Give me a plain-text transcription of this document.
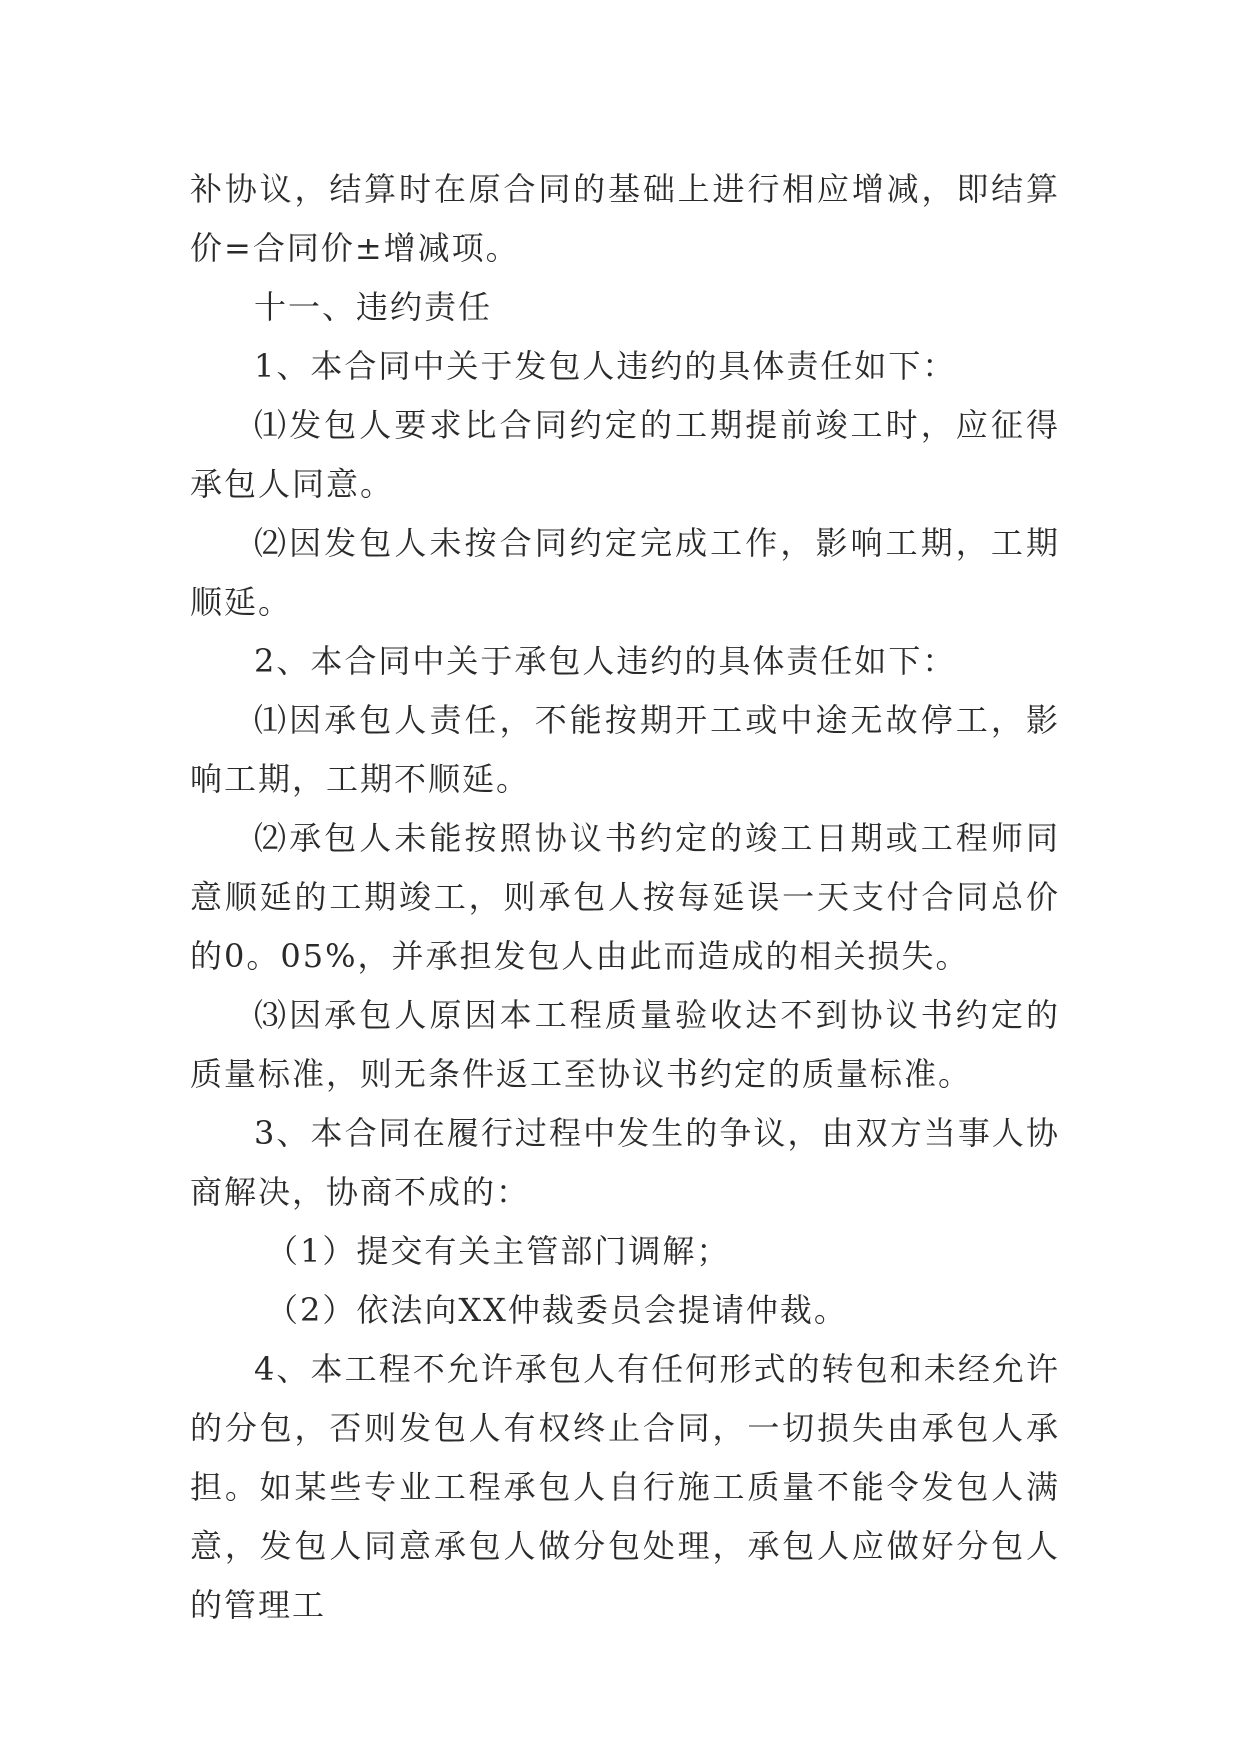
补协议，结算时在原合同的基础上进行相应增减，即结算价=合同价±增减项。

十一、违约责任

1、本合同中关于发包人违约的具体责任如下：

⑴发包人要求比合同约定的工期提前竣工时，应征得承包人同意。

⑵因发包人未按合同约定完成工作，影响工期，工期顺延。

2、本合同中关于承包人违约的具体责任如下：

⑴因承包人责任，不能按期开工或中途无故停工，影响工期，工期不顺延。

⑵承包人未能按照协议书约定的竣工日期或工程师同意顺延的工期竣工，则承包人按每延误一天支付合同总价的0。05%，并承担发包人由此而造成的相关损失。

⑶因承包人原因本工程质量验收达不到协议书约定的质量标准，则无条件返工至协议书约定的质量标准。

3、本合同在履行过程中发生的争议，由双方当事人协商解决，协商不成的：

（1）提交有关主管部门调解；

（2）依法向XX仲裁委员会提请仲裁。

4、本工程不允许承包人有任何形式的转包和未经允许的分包，否则发包人有权终止合同，一切损失由承包人承担。如某些专业工程承包人自行施工质量不能令发包人满意，发包人同意承包人做分包处理，承包人应做好分包人的管理工
